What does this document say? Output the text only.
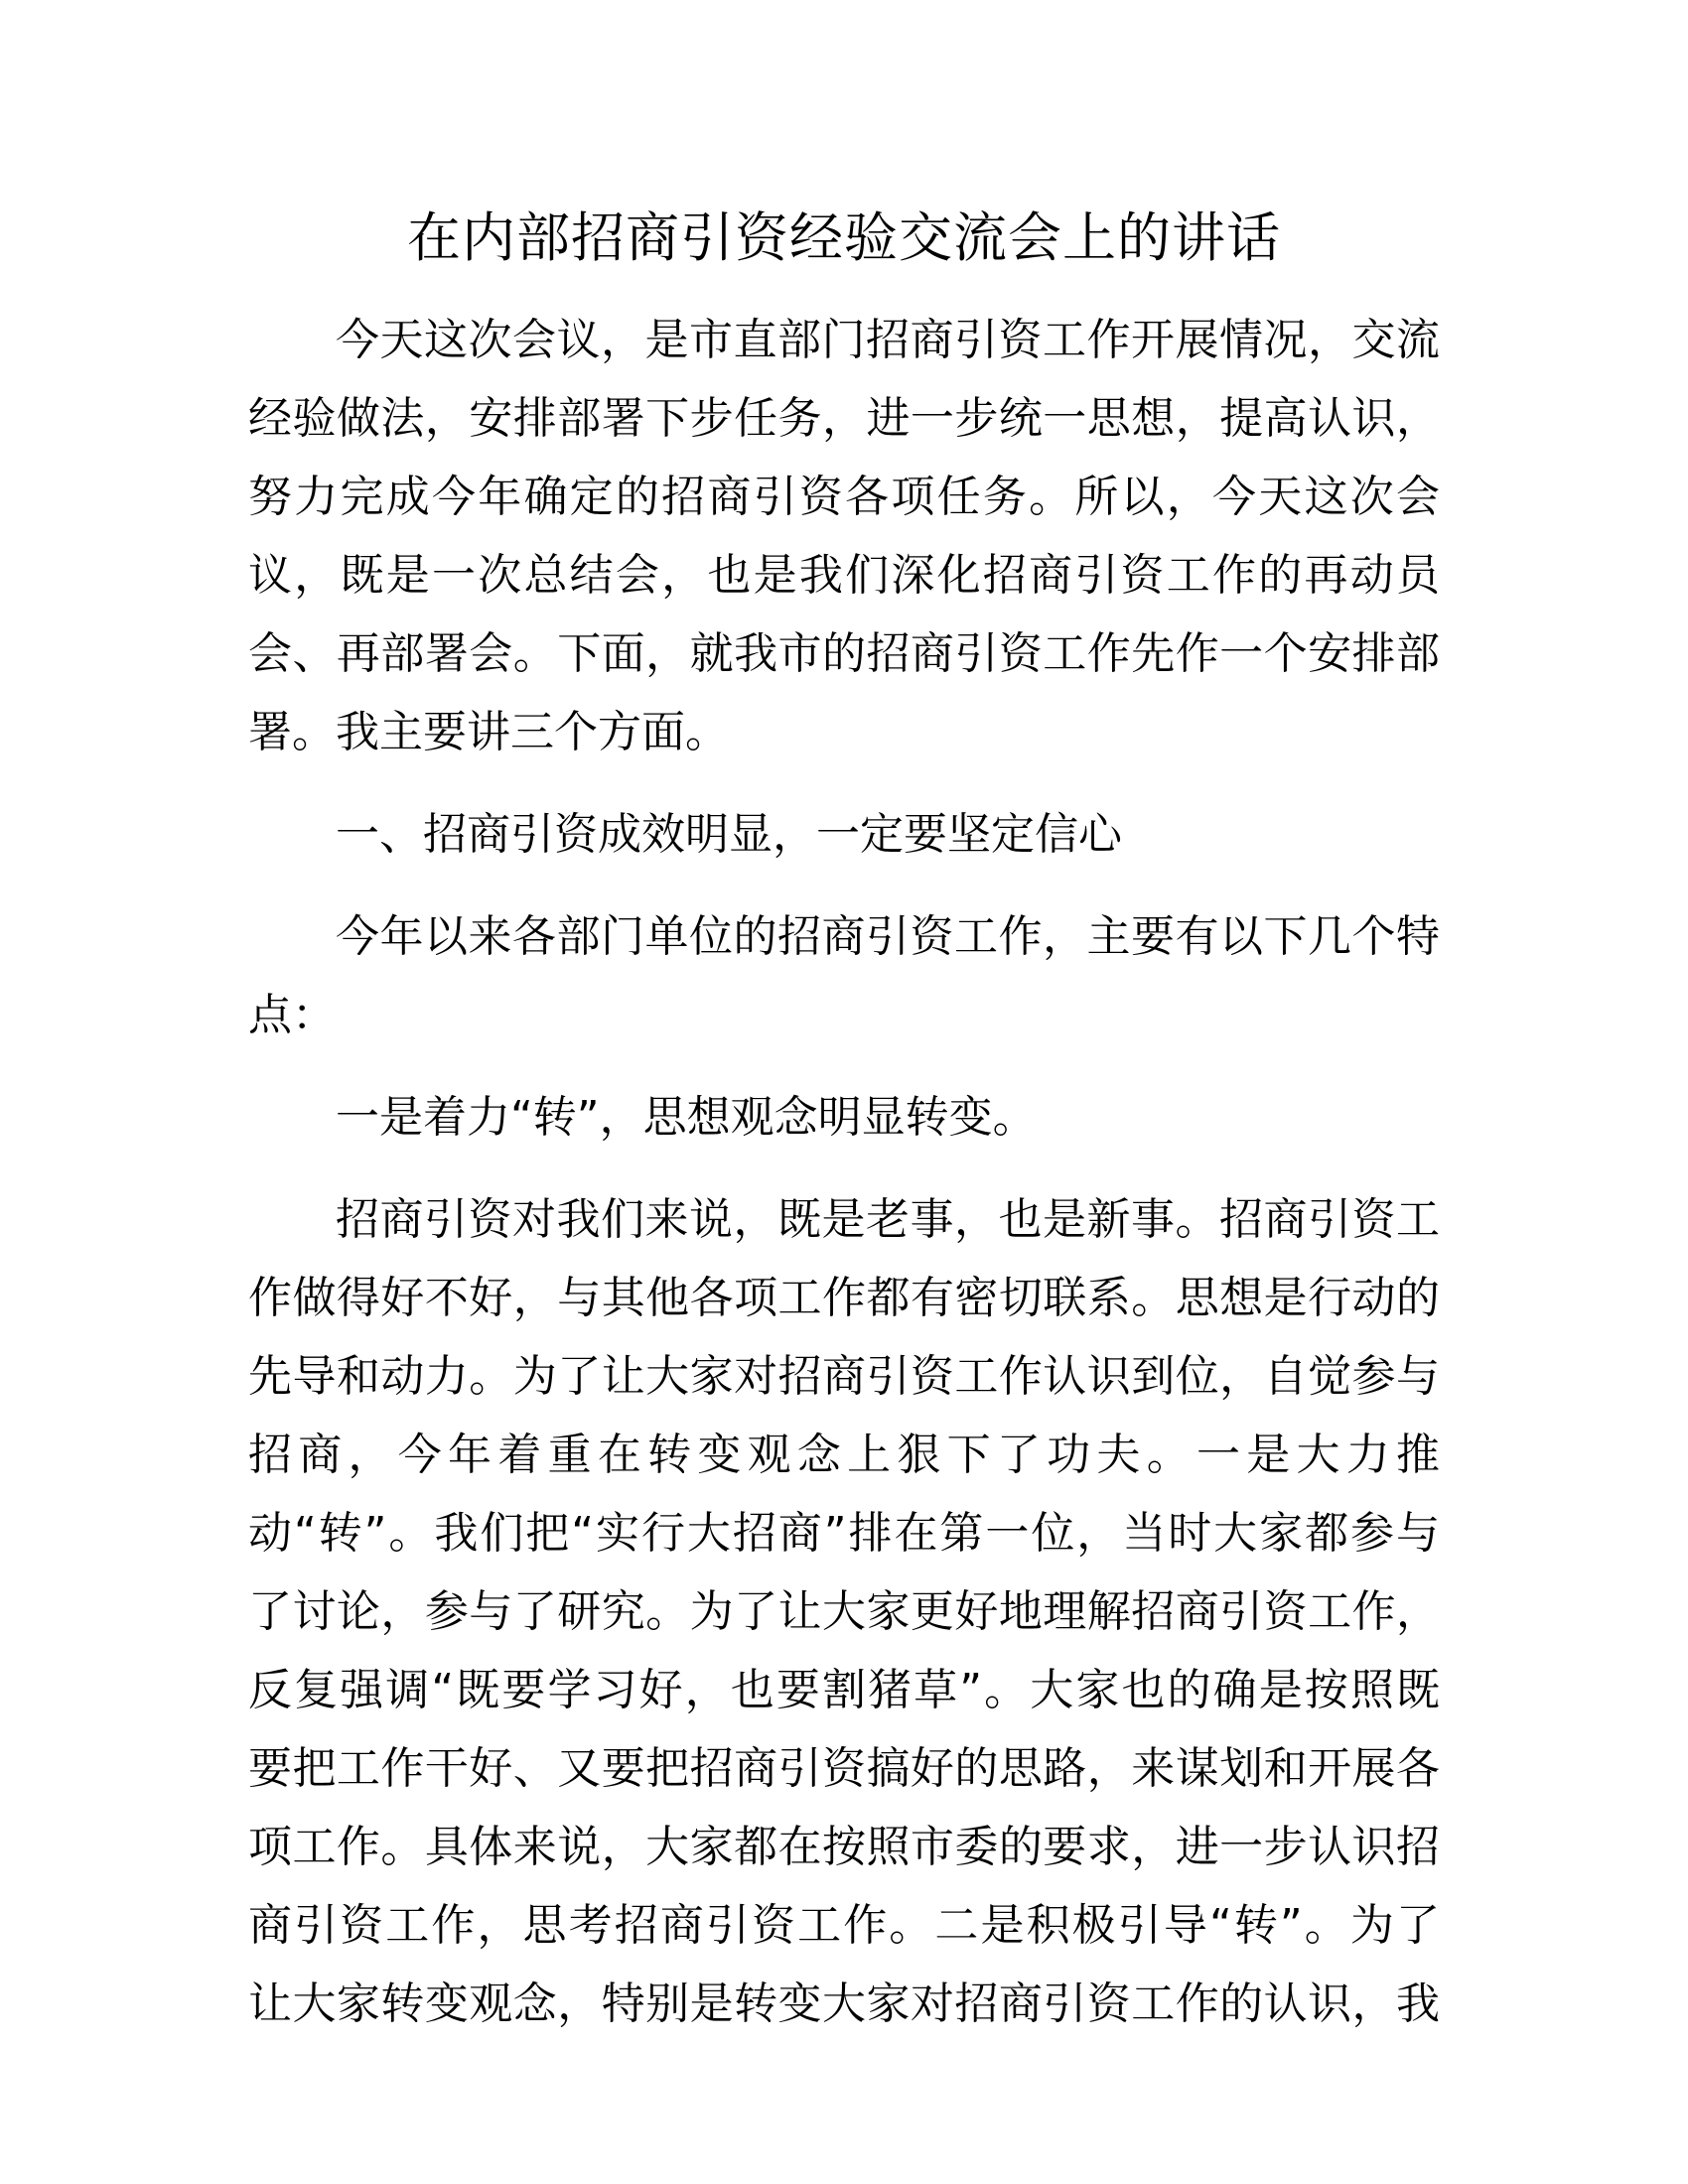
在内部招商引资经验交流会上的讲话
今天这次会议，是市直部门招商引资工作开展情况，交流
经验做法，安排部署下步任务，进一步统一思想，提高认识，
努力完成今年确定的招商引资各项任务。所以，今天这次会
议，既是一次总结会，也是我们深化招商引资工作的再动员
会、再部署会。下面，就我市的招商引资工作先作一个安排部
署。我主要讲三个方面。
一、招商引资成效明显，一定要坚定信心
今年以来各部门单位的招商引资工作，主要有以下几个特
点：
一是着力“转”，思想观念明显转变。
招商引资对我们来说，既是老事，也是新事。招商引资工
作做得好不好，与其他各项工作都有密切联系。思想是行动的
先导和动力。为了让大家对招商引资工作认识到位，自觉参与
招商，今年着重在转变观念上狠下了功夫。一是大力推
动“转”。我们把“实行大招商”排在第一位，当时大家都参与
了讨论，参与了研究。为了让大家更好地理解招商引资工作，
反复强调“既要学习好，也要割猪草”。大家也的确是按照既
要把工作干好、又要把招商引资搞好的思路，来谋划和开展各
项工作。具体来说，大家都在按照市委的要求，进一步认识招
商引资工作，思考招商引资工作。二是积极引导“转”。为了
让大家转变观念，特别是转变大家对招商引资工作的认识，我
